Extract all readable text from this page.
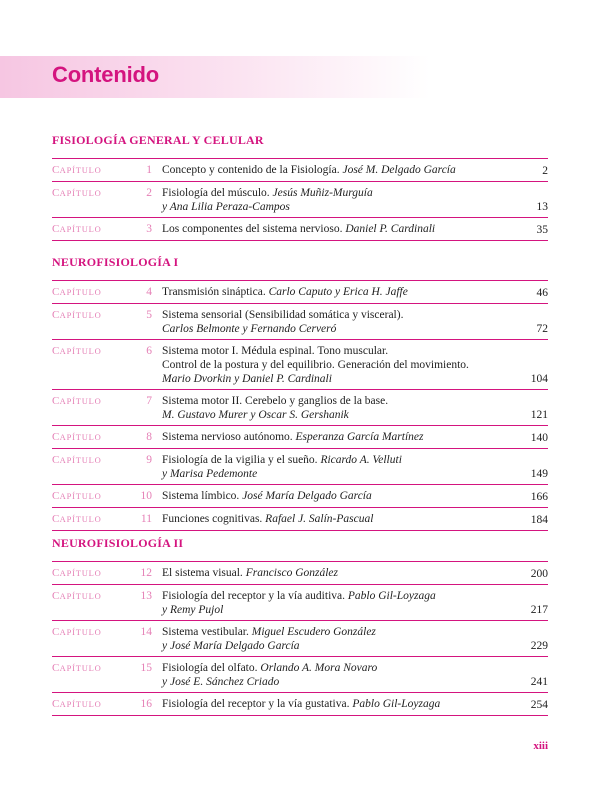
Contenido
FISIOLOGÍA GENERAL Y CELULAR
CAPÍTULO	1 Concepto y contenido de la Fisiología. José M. Delgado García	2
CAPÍTULO	2 Fisiología del músculo. Jesús Muñiz-Murguía
y Ana Lilia Peraza-Campos	13
CAPÍTULO	3 Los componentes del sistema nervioso. Daniel P. Cardinali	35
NEUROFISIOLOGÍA I
CAPÍTULO	4 Transmisión sináptica. Carlo Caputo y Erica H. Jaffe	46
CAPÍTULO	5 Sistema sensorial (Sensibilidad somática y visceral).
Carlos Belmonte y Fernando Cerveró	72
CAPÍTULO	6 Sistema motor I. Médula espinal. Tono muscular.
Control de la postura y del equilibrio. Generación del movimiento.
Mario Dvorkin y Daniel P. Cardinali	104
CAPÍTULO	7 Sistema motor II. Cerebelo y ganglios de la base.
M. Gustavo Murer y Oscar S. Gershanik	121
CAPÍTULO	8 Sistema nervioso autónomo. Esperanza García Martínez	140
CAPÍTULO	9 Fisiología de la vigilia y el sueño. Ricardo A. Velluti
y Marisa Pedemonte	149
CAPÍTULO	10 Sistema límbico. José María Delgado García	166
CAPÍTULO	11 Funciones cognitivas. Rafael J. Salín-Pascual	184
NEUROFISIOLOGÍA II
CAPÍTULO	12 El sistema visual. Francisco González	200
CAPÍTULO	13 Fisiología del receptor y la vía auditiva. Pablo Gil-Loyzaga
y Remy Pujol	217
CAPÍTULO	14 Sistema vestibular. Miguel Escudero González
y José María Delgado García	229
CAPÍTULO	15 Fisiología del olfato. Orlando A. Mora Novaro
y José E. Sánchez Criado	241
CAPÍTULO	16 Fisiología del receptor y la vía gustativa. Pablo Gil-Loyzaga	254
xiii
